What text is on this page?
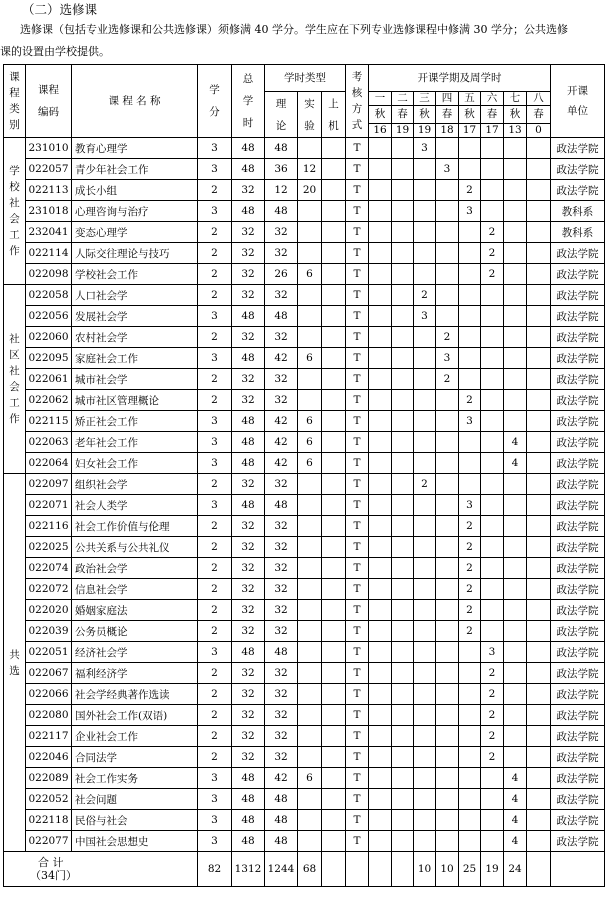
（二）选修课
选修课（包括专业选修课和公共选修课）须修满 40 学分。学生应在下列专业选修课程中修满 30 学分；公共选修
课的设置由学校提供。
课程类别	课程编码	课 程 名 称	学分	总学时	学时类型			考核方式	开课学期及周学时								开课单位
					理论	实验	上机		一	二	三	四	五	六	七	八	
									秋	春	秋	春	秋	春	秋	春	
									16	19	19	18	17	17	13	0	
学校社会工作	231010	教育心理学	3	48	48			T			3						政法学院
	022057	青少年社会工作	3	48	36	12		T				3					政法学院
	022113	成长小组	2	32	12	20		T					2				政法学院
	231018	心理咨询与治疗	3	48	48			T					3				教科系
	232041	变态心理学	2	32	32			T						2			教科系
	022114	人际交往理论与技巧	2	32	32			T						2			政法学院
	022098	学校社会工作	2	32	26	6		T						2			政法学院
社区社会工作	022058	人口社会学	2	32	32			T			2						政法学院
	022056	发展社会学	3	48	48			T			3						政法学院
	022060	农村社会学	2	32	32			T				2					政法学院
	022095	家庭社会工作	3	48	42	6		T				3					政法学院
	022061	城市社会学	2	32	32			T				2					政法学院
	022062	城市社区管理概论	2	32	32			T					2				政法学院
	022115	矫正社会工作	3	48	42	6		T					3				政法学院
	022063	老年社会工作	3	48	42	6		T							4		政法学院
	022064	妇女社会工作	3	48	42	6		T							4		政法学院
共选	022097	组织社会学	2	32	32			T			2						政法学院
	022071	社会人类学	3	48	48			T					3				政法学院
	022116	社会工作价值与伦理	2	32	32			T					2				政法学院
	022025	公共关系与公共礼仪	2	32	32			T					2				政法学院
	022074	政治社会学	2	32	32			T					2				政法学院
	022072	信息社会学	2	32	32			T					2				政法学院
	022020	婚姻家庭法	2	32	32			T					2				政法学院
	022039	公务员概论	2	32	32			T					2				政法学院
	022051	经济社会学	3	48	48			T						3			政法学院
	022067	福利经济学	2	32	32			T						2			政法学院
	022066	社会学经典著作选读	2	32	32			T						2			政法学院
	022080	国外社会工作(双语)	2	32	32			T						2			政法学院
	022117	企业社会工作	2	32	32			T						2			政法学院
	022046	合同法学	2	32	32			T						2			政法学院
	022089	社会工作实务	3	48	42	6		T							4		政法学院
	022052	社会问题	3	48	48			T							4		政法学院
	022118	民俗与社会	3	48	48			T							4		政法学院
	022077	中国社会思想史	3	48	48			T							4		政法学院

合 计
（34门）			82	1312	1244	68					10	10	25	19	24		
